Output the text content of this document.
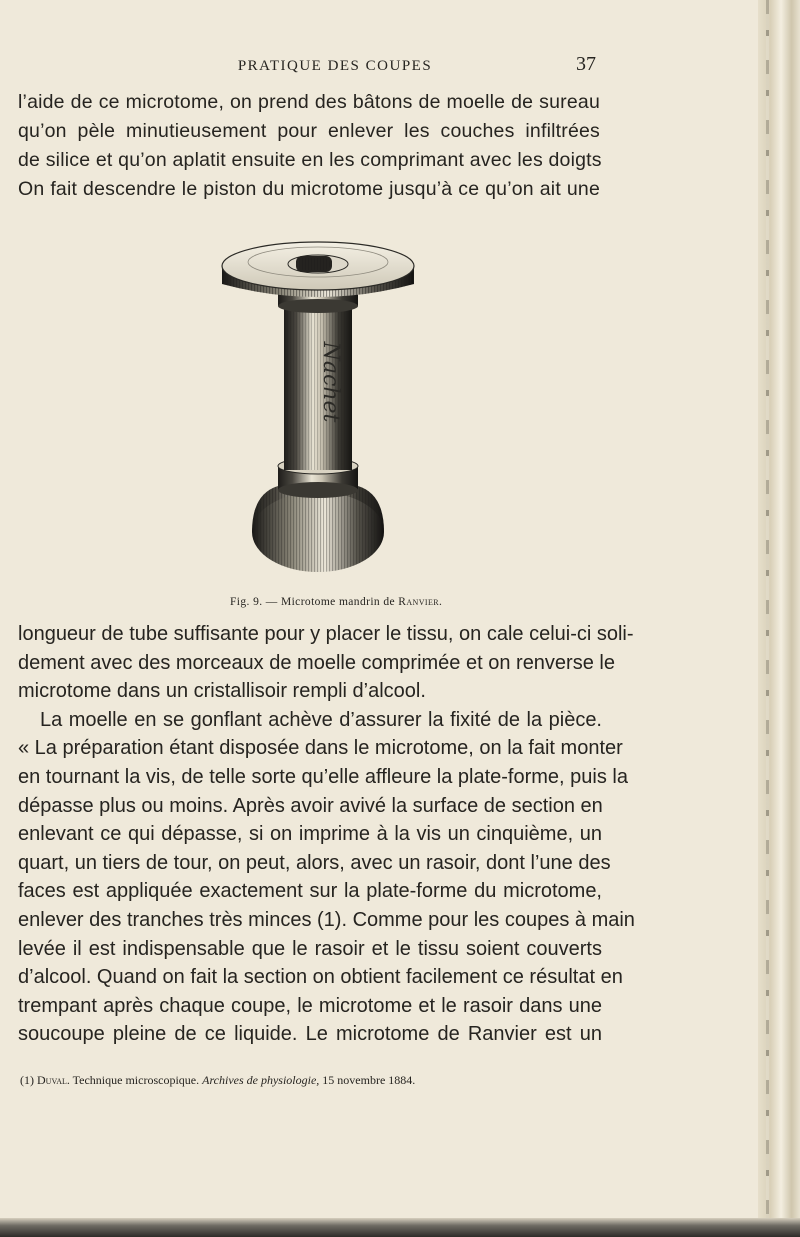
PRATIQUE DES COUPES	37
l’aide de ce microtome, on prend des bâtons de moelle de sureau
qu’on pèle minutieusement pour enlever les couches infiltrées
de silice et qu’on aplatit ensuite en les comprimant avec les doigts
On fait descendre le piston du microtome jusqu’à ce qu’on ait une
Nachet
Fig. 9. — Microtome mandrin de Ranvier.
longueur de tube suffisante pour y placer le tissu, on cale celui-ci soli-
dement avec des morceaux de moelle comprimée et on renverse le
microtome dans un cristallisoir rempli d’alcool.
La moelle en se gonflant achève d’assurer la fixité de la pièce.
« La préparation étant disposée dans le microtome, on la fait monter
en tournant la vis, de telle sorte qu’elle affleure la plate-forme, puis la
dépasse plus ou moins. Après avoir avivé la surface de section en
enlevant ce qui dépasse, si on imprime à la vis un cinquième, un
quart, un tiers de tour, on peut, alors, avec un rasoir, dont l’une des
faces est appliquée exactement sur la plate-forme du microtome,
enlever des tranches très minces (1). Comme pour les coupes à main
levée il est indispensable que le rasoir et le tissu soient couverts
d’alcool. Quand on fait la section on obtient facilement ce résultat en
trempant après chaque coupe, le microtome et le rasoir dans une
soucoupe pleine de ce liquide. Le microtome de Ranvier est un
(1) Duval. Technique microscopique. Archives de physiologie, 15 novembre 1884.
